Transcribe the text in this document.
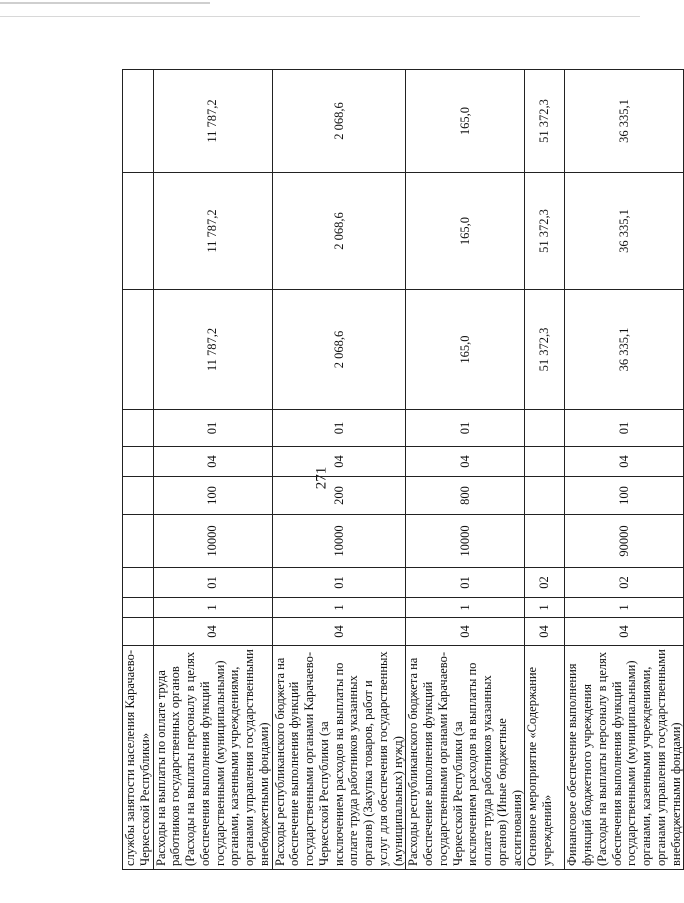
271
службы занятости населения Карачаево-Черкесской Республики»										
Расходы на выплаты по оплате труда работников государственных органов (Расходы на выплаты персоналу в целях обеспечения выполнения функций государственными (муниципальными) органами, казенными учреждениями, органами управления государственными внебюджетными фондами)	04	1	01	10000	100	04	01	11 787,2	11 787,2	11 787,2
Расходы республиканского бюджета на обеспечение выполнения функций государственными органами Карачаево-Черкесской Республики (за исключением расходов на выплаты по оплате труда работников указанных органов) (Закупка товаров, работ и услуг для обеспечения государственных (муниципальных) нужд)	04	1	01	10000	200	04	01	2 068,6	2 068,6	2 068,6
Расходы республиканского бюджета на обеспечение выполнения функций государственными органами Карачаево-Черкесской Республики (за исключением расходов на выплаты по оплате труда работников указанных органов) (Иные бюджетные ассигнования)	04	1	01	10000	800	04	01	165,0	165,0	165,0
Основное мероприятие «Содержание учреждений»	04	1	02					51 372,3	51 372,3	51 372,3
Финансовое обеспечение выполнения функций бюджетного учреждения (Расходы на выплаты персоналу в целях обеспечения выполнения функций государственными (муниципальными) органами, казенными учреждениями, органами управления государственными внебюджетными фондами)	04	1	02	90000	100	04	01	36 335,1	36 335,1	36 335,1
